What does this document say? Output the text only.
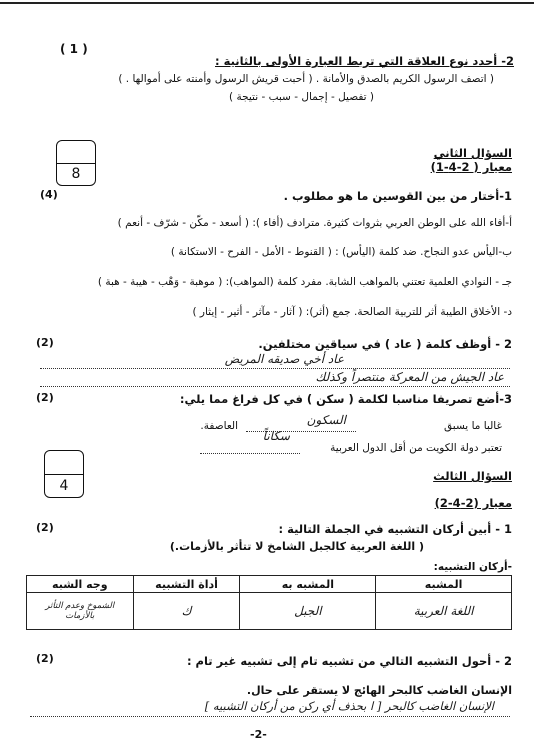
( 1 )
2- أحدد نوع العلاقة التي تربط العبارة الأولى بالثانية :
( اتصف الرسول الكريم بالصدق والأمانة . ( أحبت قريش الرسول وأمنته على أموالها . )
( تفصيل - إجمال - سبب - نتيجة )
8
السؤال الثاني
معيار ( 2-4-1)
(4)	1-أختار من بين القوسين ما هو مطلوب .
أ-أفاء الله على الوطن العربي بثروات كثيرة. مترادف (أفاء ): ( أسعد - مكّن - شرّف - أنعم )
ب-اليأس عدو النجاح. ضد كلمة (اليأس) : ( القنوط - الأمل - الفرح - الاستكانة )
جـ - النوادي العلمية تعتني بالمواهب الشابة. مفرد كلمة (المواهب): ( موهبة - وَهْب - هيبة - هبة )
د- الأخلاق الطيبة أثر للتربية الصالحة. جمع (أثر): ( آثار - مآثر - أثير - إيثار )
(2)	2 - أوظف كلمة ( عاد ) في سياقين مختلفين.
عاد أخي صديقه المريض
عاد الجيش من المعركة منتصراً وكذلك
(2)	3-أضع تصريفا مناسبا لكلمة ( سكن ) في كل فراغ مما يلي:
غالبا ما يسبق
السكون
العاصفة.
تعتبر دولة الكويت من أقل الدول العربية
سكاناً
4
السؤال الثالث
معيار (2-4-2)
(2)	1 - أبين أركان التشبيه في الجملة التالية :
( اللغة العربية كالجبل الشامخ لا تتأثر بالأزمات.)
-أركان التشبيه:
المشبه	المشبه به	أداة التشبيه	وجه الشبه
اللغة العربية	الجبل	ك	الشموخ وعدم التأثر بالأزمات
(2)	2 - أحول التشبيه التالي من تشبيه تام إلى تشبيه غير تام :
الإنسان الغاضب كالبحر الهائج لا يستقر على حال.
الإنسان الغاضب كالبحر [ ا بحذف أي ركن من أركان التشبيه ]
-2-
